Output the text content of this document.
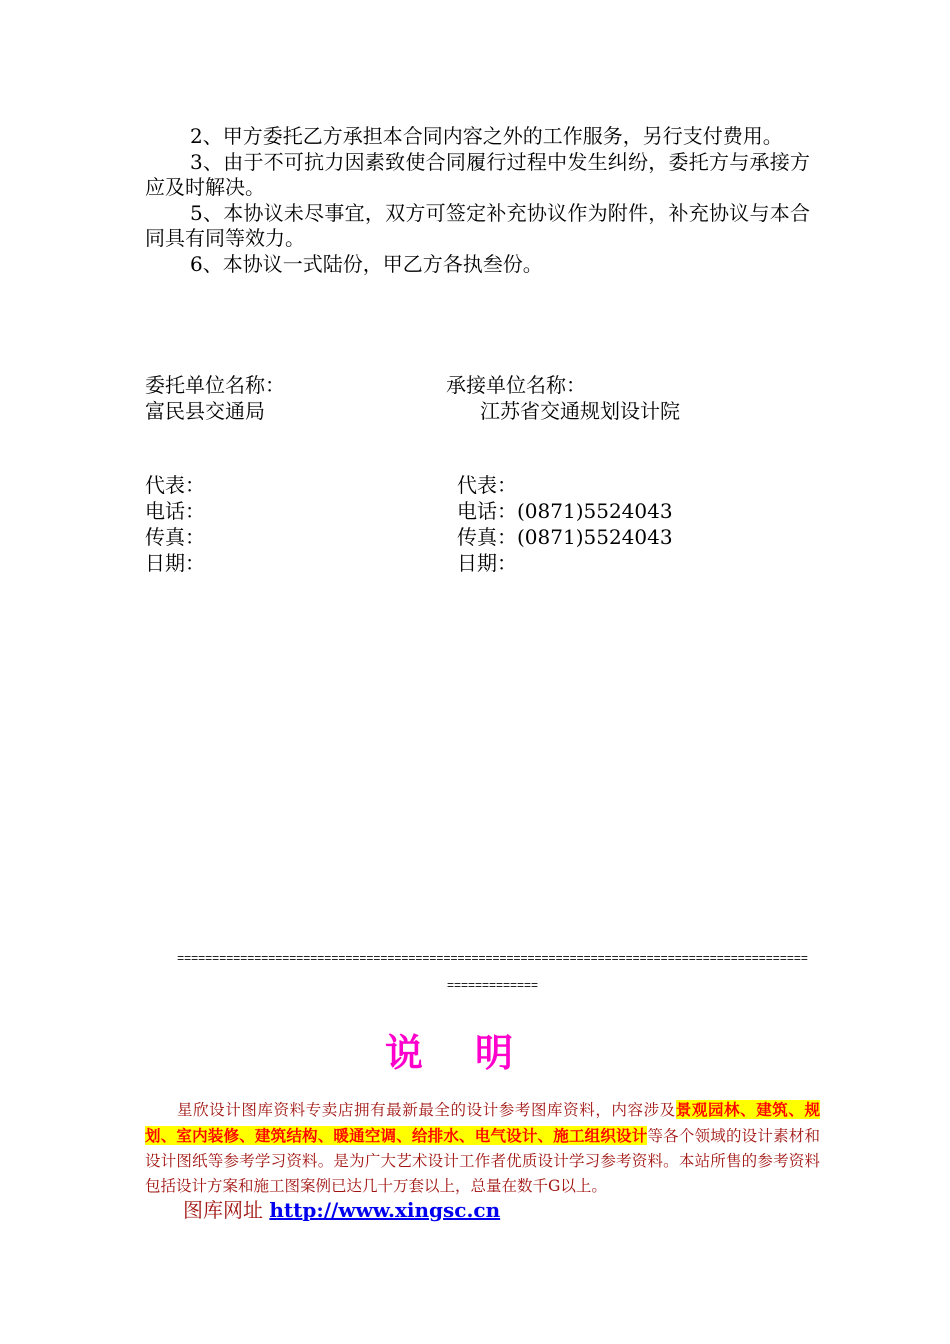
2、甲方委托乙方承担本合同内容之外的工作服务，另行支付费用。

3、由于不可抗力因素致使合同履行过程中发生纠纷，委托方与承接方应及时解决。

5、本协议未尽事宜，双方可签定补充协议作为附件，补充协议与本合同具有同等效力。

6、本协议一式陆份，甲乙方各执叁份。

委托单位名称：
富民县交通局
承接单位名称：
江苏省交通规划设计院
代表：
电话：
传真：
日期：
代表：
电话：(0871)5524043
传真：(0871)5524043
日期：
=======================================================================================================
说明

星欣设计图库资料专卖店拥有最新最全的设计参考图库资料，内容涉及景观园林、建筑、规划、室内装修、建筑结构、暖通空调、给排水、电气设计、施工组织设计等各个领域的设计素材和设计图纸等参考学习资料。是为广大艺术设计工作者优质设计学习参考资料。本站所售的参考资料包括设计方案和施工图案例已达几十万套以上，总量在数千G以上。

图库网址 http://www.xingsc.cn
